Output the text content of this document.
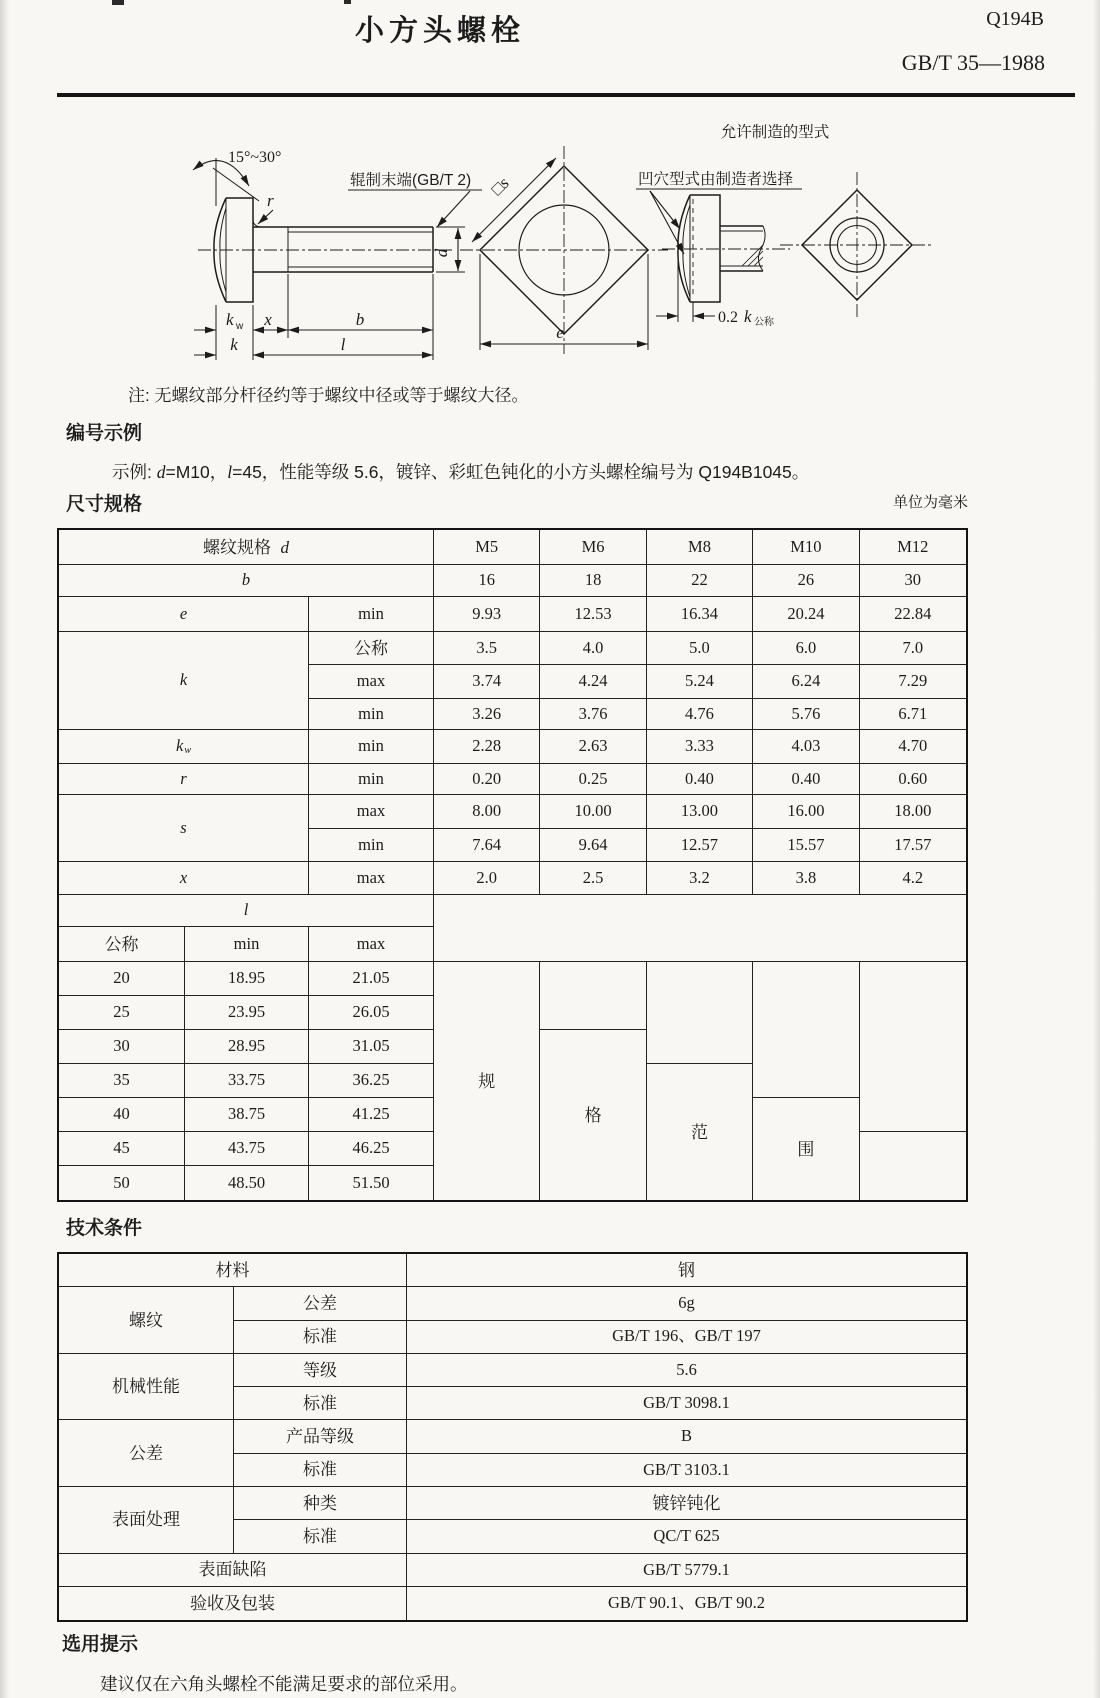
小方头螺栓	Q194B
GB/T 35—1988
15°~30°
r
辊制末端(GB/T 2)
d
k w x	b
k	l
□s
e
允许制造的型式
凹穴型式由制造者选择
0.2 k 公称
注: 无螺纹部分杆径约等于螺纹中径或等于螺纹大径。
编号示例
示例: d=M10，l=45，性能等级 5.6，镀锌、彩虹色钝化的小方头螺栓编号为 Q194B1045。
尺寸规格	单位为毫米
螺纹规格
d	M5	M6	M8	M10	M12
b	16	18	22	26	30
e	min	9.93	12.53	16.34	20.24	22.84
k
公称	3.5	4.0	5.0	6.0	7.0
max	3.74	4.24	5.24	6.24	7.29
min	3.26	3.76	4.76	5.76	6.71
k w	min	2.28	2.63	3.33	4.03	4.70
r	min	0.20	0.25	0.40	0.40	0.60
s
max	8.00	10.00	13.00	16.00	18.00
min	7.64	9.64	12.57	15.57	17.57
x	max	2.0	2.5	3.2	3.8	4.2
l
公称	min	max
20	18.95	21.05
25	23.95	26.05
30	28.95	31.05
35	33.75	36.25
40	38.75	41.25
45	43.75	46.25
50	48.50	51.50
规
格
范
围
技术条件
材料	钢
螺纹
公差	6g
标准	GB/T 196、GB/T 197
机械性能
等级	5.6
标准	GB/T 3098.1
公差
产品等级	B
标准	GB/T 3103.1
表面处理
种类	镀锌钝化
标准	QC/T 625
表面缺陷	GB/T 5779.1
验收及包装	GB/T 90.1、GB/T 90.2
选用提示
建议仅在六角头螺栓不能满足要求的部位采用。
